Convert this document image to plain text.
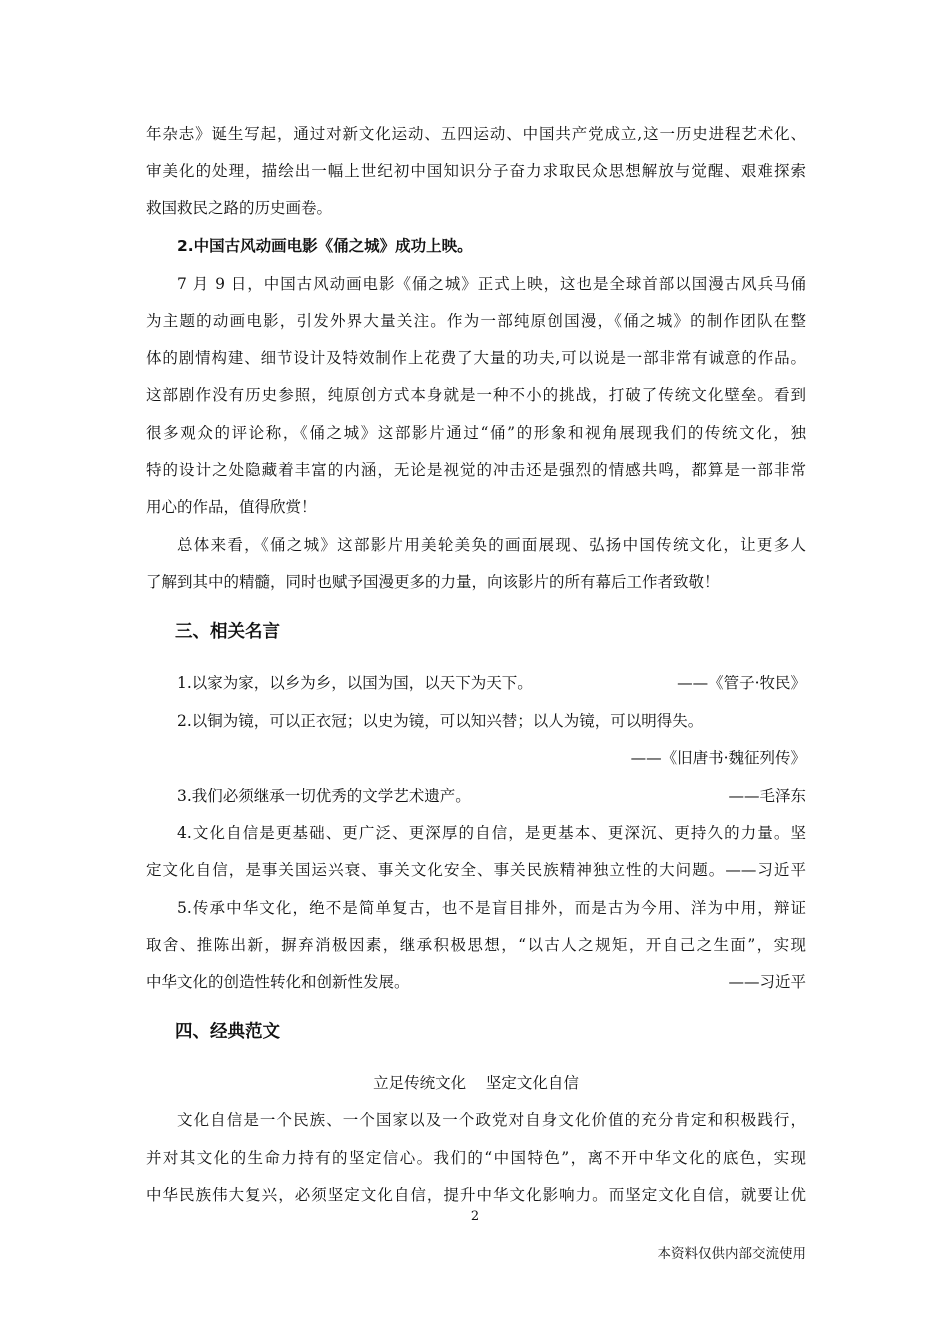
年杂志》诞生写起，通过对新文化运动、五四运动、中国共产党成立,这一历史进程艺术化、
审美化的处理，描绘出一幅上世纪初中国知识分子奋力求取民众思想解放与觉醒、艰难探索
救国救民之路的历史画卷。
2.中国古风动画电影《俑之城》成功上映。
7 月 9 日，中国古风动画电影《俑之城》正式上映，这也是全球首部以国漫古风兵马俑
为主题的动画电影，引发外界大量关注。作为一部纯原创国漫，《俑之城》的制作团队在整
体的剧情构建、细节设计及特效制作上花费了大量的功夫,可以说是一部非常有诚意的作品。
这部剧作没有历史参照，纯原创方式本身就是一种不小的挑战，打破了传统文化壁垒。看到
很多观众的评论称，《俑之城》这部影片通过“俑”的形象和视角展现我们的传统文化，独
特的设计之处隐藏着丰富的内涵，无论是视觉的冲击还是强烈的情感共鸣，都算是一部非常
用心的作品，值得欣赏！
总体来看，《俑之城》这部影片用美轮美奂的画面展现、弘扬中国传统文化，让更多人
了解到其中的精髓，同时也赋予国漫更多的力量，向该影片的所有幕后工作者致敬！
三、相关名言
1.以家为家，以乡为乡，以国为国，以天下为天下。	——《管子·牧民》
2.以铜为镜，可以正衣冠；以史为镜，可以知兴替；以人为镜，可以明得失。
——《旧唐书·魏征列传》
3.我们必须继承一切优秀的文学艺术遗产。	——毛泽东
4.文化自信是更基础、更广泛、更深厚的自信，是更基本、更深沉、更持久的力量。坚
定文化自信，是事关国运兴衰、事关文化安全、事关民族精神独立性的大问题。——习近平
5.传承中华文化，绝不是简单复古，也不是盲目排外，而是古为今用、洋为中用，辩证
取舍、推陈出新，摒弃消极因素，继承积极思想，“以古人之规矩，开自己之生面”，实现
中华文化的创造性转化和创新性发展。	——习近平
四、经典范文
立足传统文化    坚定文化自信
文化自信是一个民族、一个国家以及一个政党对自身文化价值的充分肯定和积极践行，
并对其文化的生命力持有的坚定信心。我们的“中国特色”，离不开中华文化的底色，实现
中华民族伟大复兴，必须坚定文化自信，提升中华文化影响力。而坚定文化自信，就要让优
2
本资料仅供内部交流使用
